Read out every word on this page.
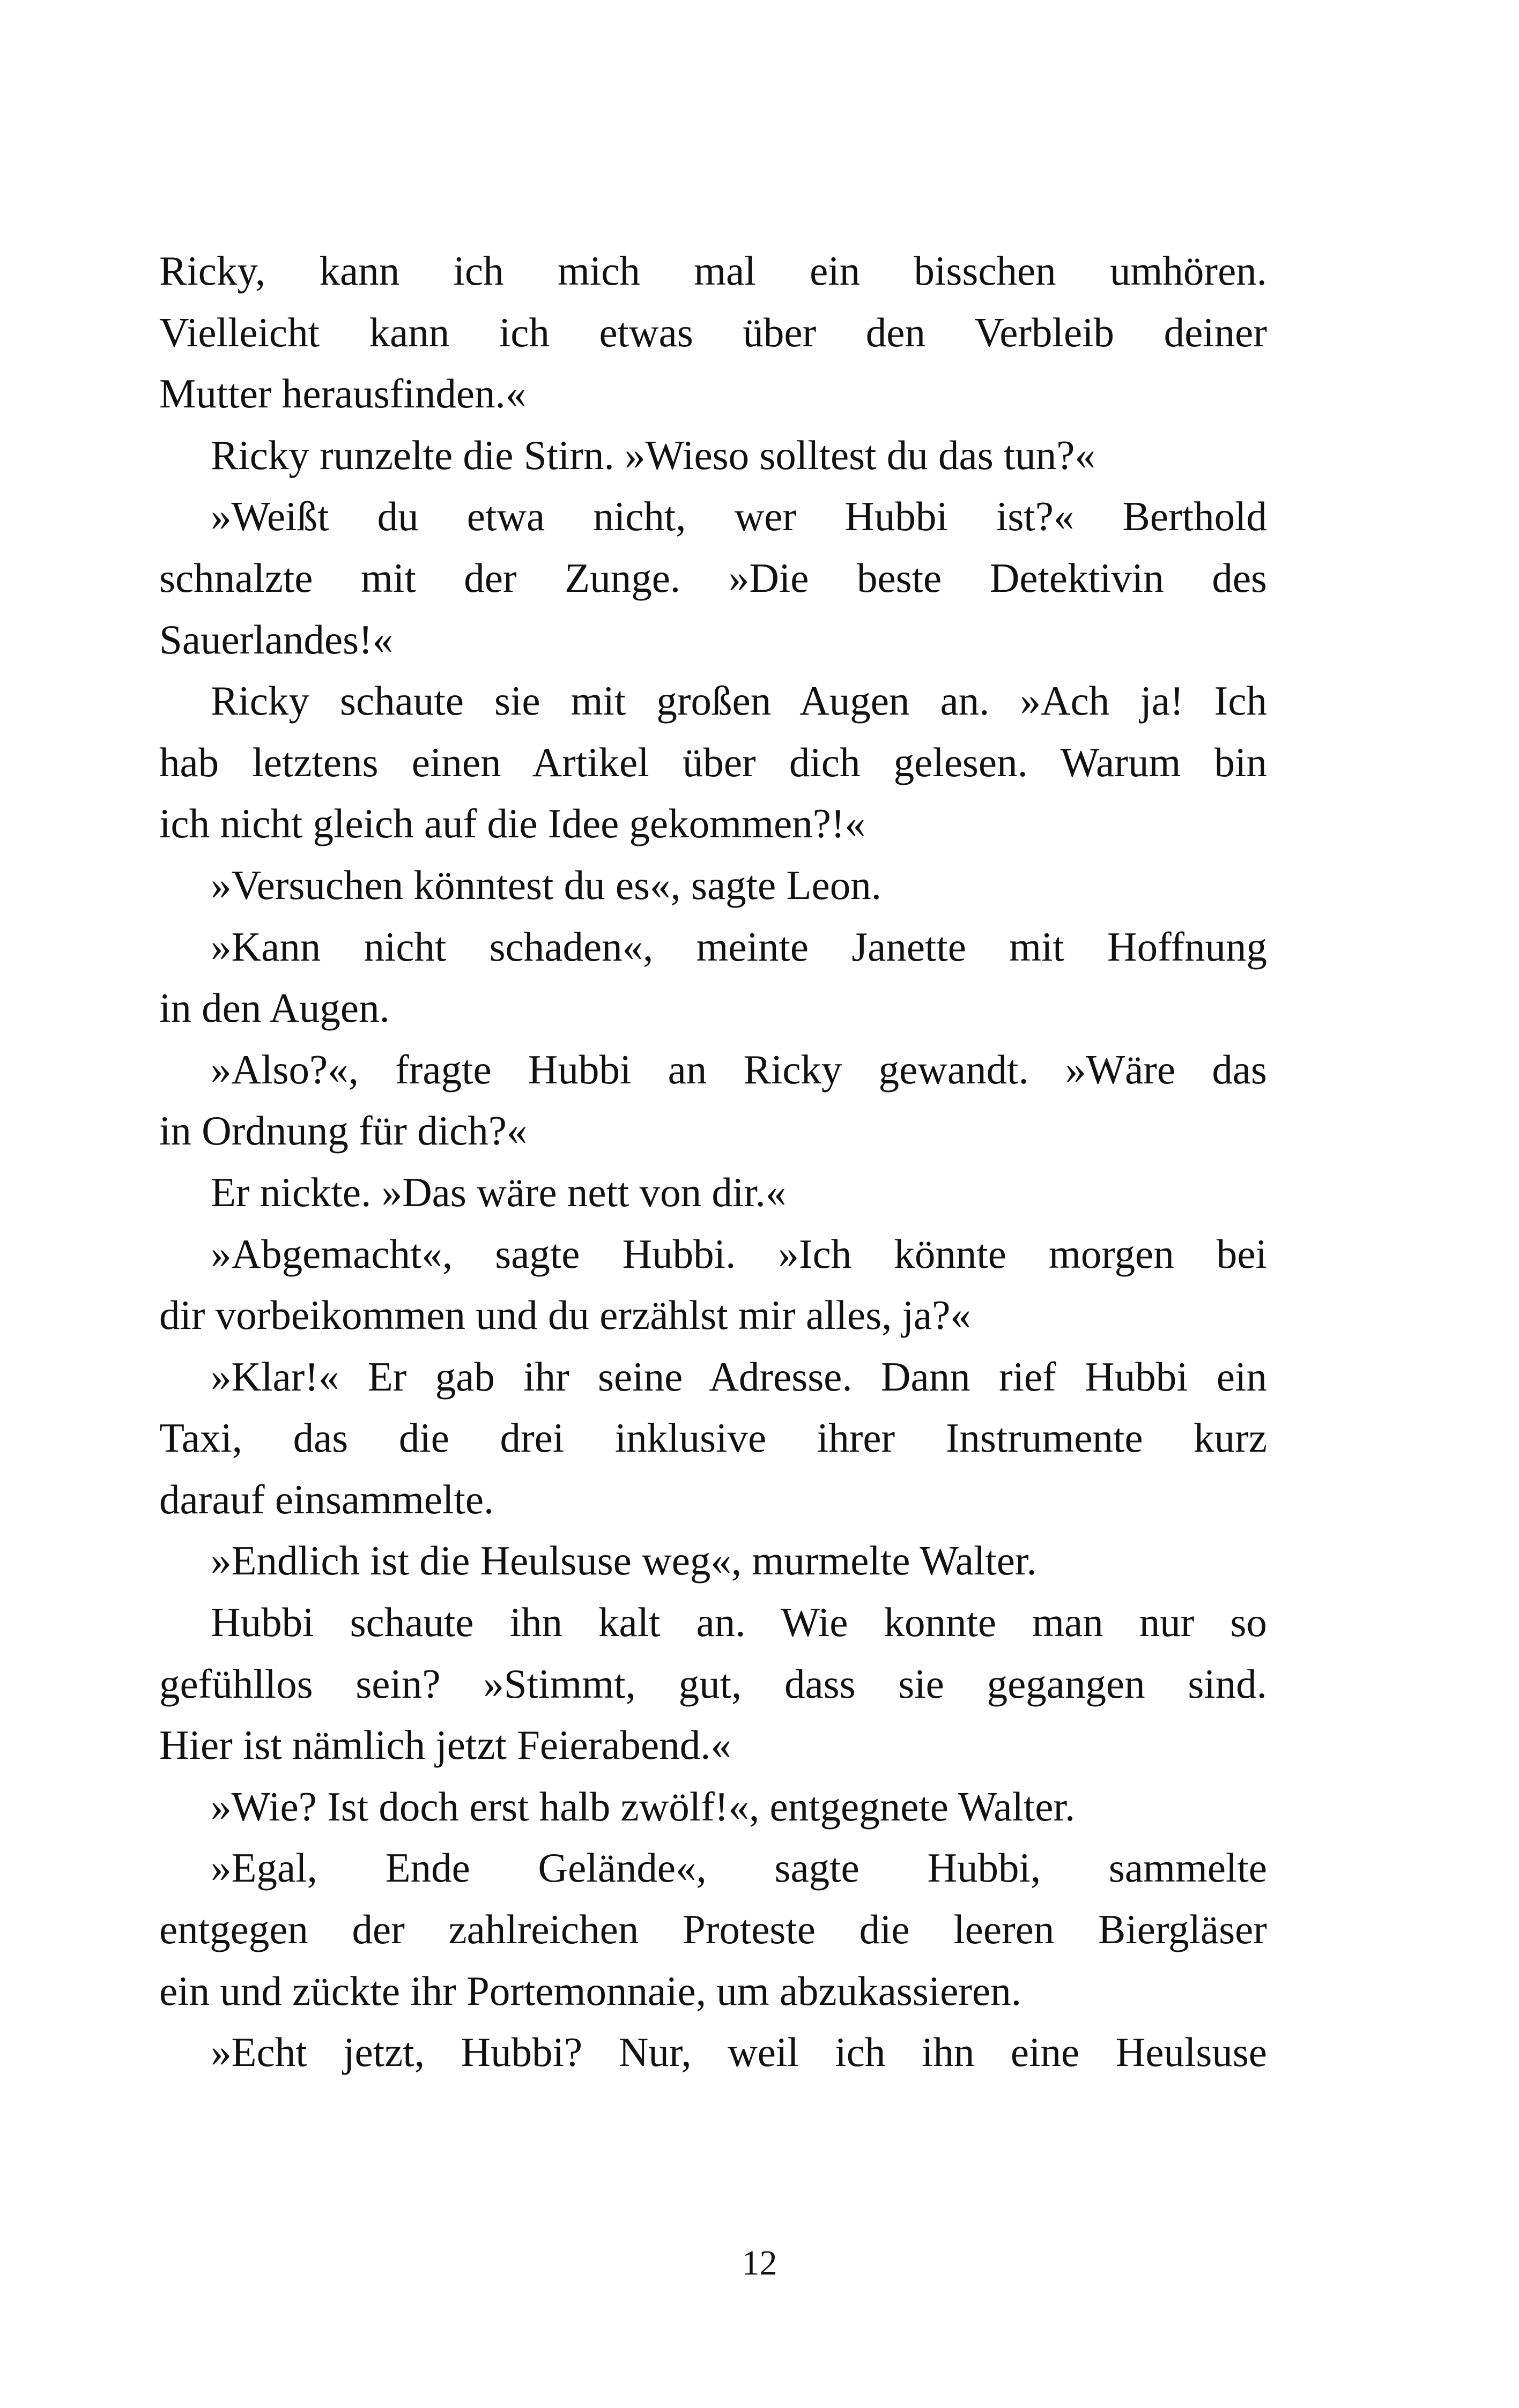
Ricky, kann ich mich mal ein bisschen umhören.
Vielleicht kann ich etwas über den Verbleib deiner
Mutter herausfinden.«
Ricky runzelte die Stirn. »Wieso solltest du das tun?«
»Weißt du etwa nicht, wer Hubbi ist?« Berthold
schnalzte mit der Zunge. »Die beste Detektivin des
Sauerlandes!«
Ricky schaute sie mit großen Augen an. »Ach ja! Ich
hab letztens einen Artikel über dich gelesen. Warum bin
ich nicht gleich auf die Idee gekommen?!«
»Versuchen könntest du es«, sagte Leon.
»Kann nicht schaden«, meinte Janette mit Hoffnung
in den Augen.
»Also?«, fragte Hubbi an Ricky gewandt. »Wäre das
in Ordnung für dich?«
Er nickte. »Das wäre nett von dir.«
»Abgemacht«, sagte Hubbi. »Ich könnte morgen bei
dir vorbeikommen und du erzählst mir alles, ja?«
»Klar!« Er gab ihr seine Adresse. Dann rief Hubbi ein
Taxi, das die drei inklusive ihrer Instrumente kurz
darauf einsammelte.
»Endlich ist die Heulsuse weg«, murmelte Walter.
Hubbi schaute ihn kalt an. Wie konnte man nur so
gefühllos sein? »Stimmt, gut, dass sie gegangen sind.
Hier ist nämlich jetzt Feierabend.«
»Wie? Ist doch erst halb zwölf!«, entgegnete Walter.
»Egal, Ende Gelände«, sagte Hubbi, sammelte
entgegen der zahlreichen Proteste die leeren Biergläser
ein und zückte ihr Portemonnaie, um abzukassieren.
»Echt jetzt, Hubbi? Nur, weil ich ihn eine Heulsuse
12
